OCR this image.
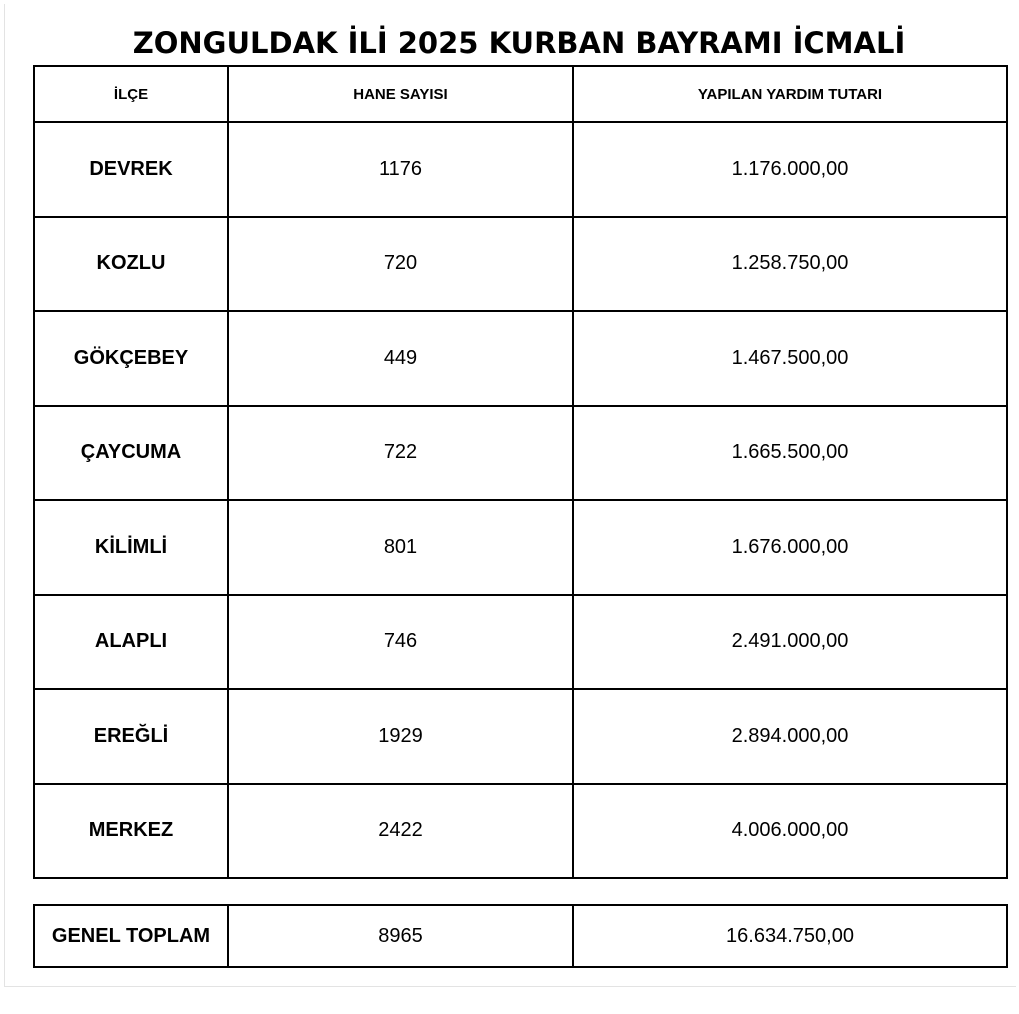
ZONGULDAK İLİ 2025 KURBAN BAYRAMI İCMALİ
İLÇE	HANE SAYISI	YAPILAN YARDIM TUTARI
DEVREK	1176	1.176.000,00
KOZLU	720	1.258.750,00
GÖKÇEBEY	449	1.467.500,00
ÇAYCUMA	722	1.665.500,00
KİLİMLİ	801	1.676.000,00
ALAPLI	746	2.491.000,00
EREĞLİ	1929	2.894.000,00
MERKEZ	2422	4.006.000,00
GENEL TOPLAM	8965	16.634.750,00
